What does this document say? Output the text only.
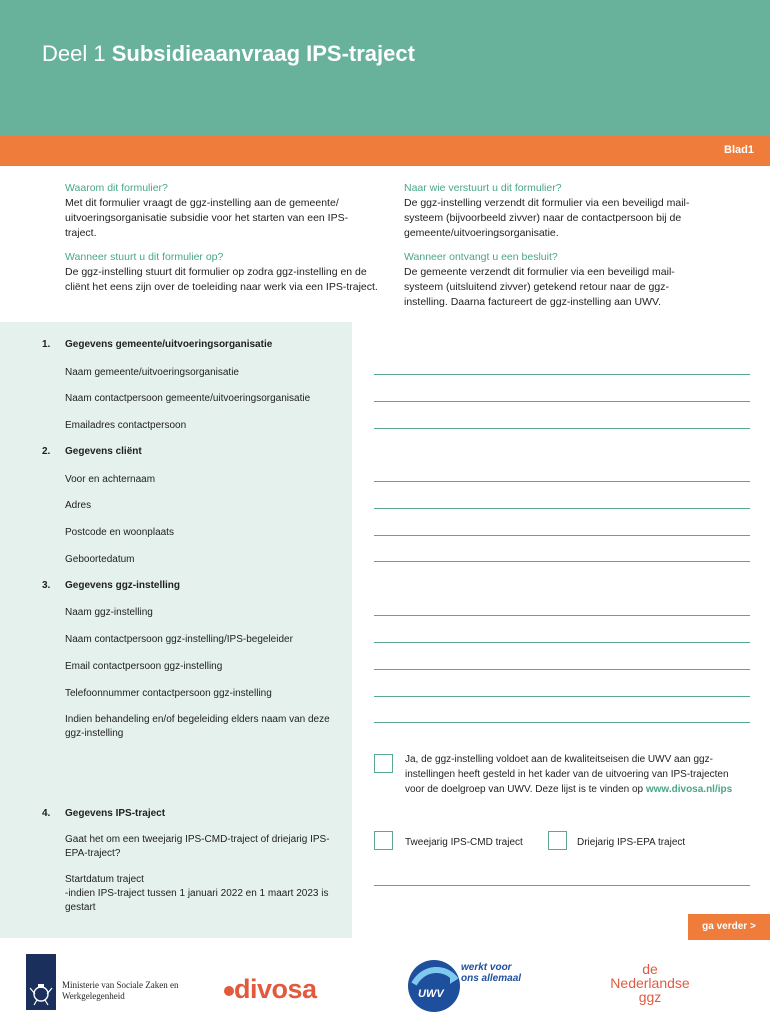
Deel 1 Subsidieaanvraag IPS-traject
Blad1
Waarom dit formulier?
Met dit formulier vraagt de ggz-instelling aan de gemeente/ uitvoeringsorganisatie subsidie voor het starten van een IPS-traject.
Wanneer stuurt u dit formulier op?
De ggz-instelling stuurt dit formulier op zodra ggz-instelling en de cliënt het eens zijn over de toeleiding naar werk via een IPS-traject.
Naar wie verstuurt u dit formulier?
De ggz-instelling verzendt dit formulier via een beveiligd mail-systeem (bijvoorbeeld zivver) naar de contactpersoon bij de gemeente/uitvoeringsorganisatie.
Wanneer ontvangt u een besluit?
De gemeente verzendt dit formulier via een beveiligd mail-systeem (uitsluitend zivver) getekend retour naar de ggz-instelling. Daarna factureert de ggz-instelling aan UWV.
1. Gegevens gemeente/uitvoeringsorganisatie
Naam gemeente/uitvoeringsorganisatie
Naam contactpersoon gemeente/uitvoeringsorganisatie
Emailadres contactpersoon
2. Gegevens cliënt
Voor en achternaam
Adres
Postcode en woonplaats
Geboortedatum
3. Gegevens ggz-instelling
Naam ggz-instelling
Naam contactpersoon ggz-instelling/IPS-begeleider
Email contactpersoon ggz-instelling
Telefoonnummer contactpersoon ggz-instelling
Indien behandeling en/of begeleiding elders naam van deze ggz-instelling
Ja, de ggz-instelling voldoet aan de kwaliteitseisen die UWV aan ggz-instellingen heeft gesteld in het kader van de uitvoering van IPS-trajecten voor de doelgroep van UWV. Deze lijst is te vinden op www.divosa.nl/ips
4. Gegevens IPS-traject
Gaat het om een tweejarig IPS-CMD-traject of driejarig IPS-EPA-traject?
Tweejarig IPS-CMD traject	Driejarig IPS-EPA traject
Startdatum traject
-indien IPS-traject tussen 1 januari 2022 en 1 maart 2023 is gestart
ga verder >
Ministerie van Sociale Zaken en Werkgelegenheid	divosa	UWV
werkt voor ons allemaal
de
Nederlandse
ggz
